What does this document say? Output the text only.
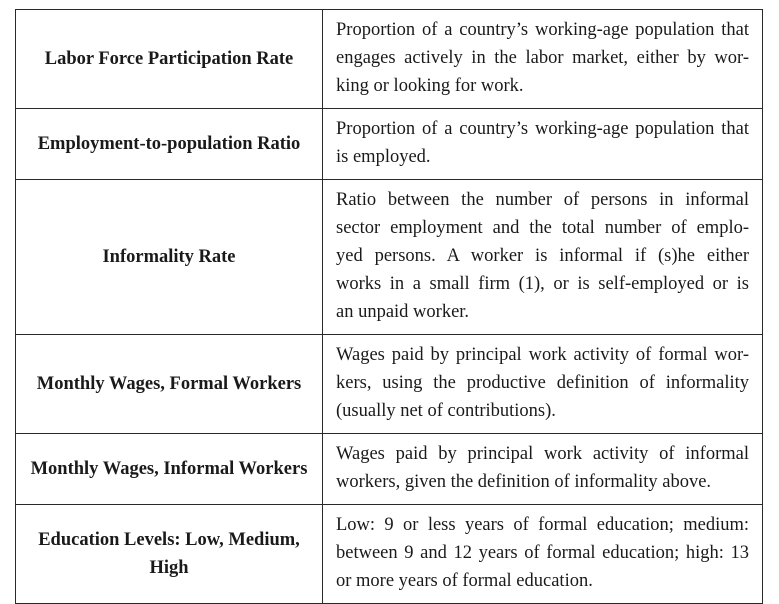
Labor Force Participation Rate	Proportion of a country’s working-age population that
engages actively in the labor market, either by wor-
king or looking for work.

Employment-to-population Ratio	Proportion of a country’s working-age population that
is employed.

Informality Rate	Ratio between the number of persons in informal
sector employment and the total number of emplo-
yed persons. A worker is informal if (s)he either
works in a small firm (1), or is self-employed or is
an unpaid worker.

Monthly Wages, Formal Workers	Wages paid by principal work activity of formal wor-
kers, using the productive definition of informality
(usually net of contributions).

Monthly Wages, Informal Workers	Wages paid by principal work activity of informal
workers, given the definition of informality above.

Education Levels: Low, Medium, High	Low: 9 or less years of formal education; medium:
between 9 and 12 years of formal education; high: 13
or more years of formal education.
